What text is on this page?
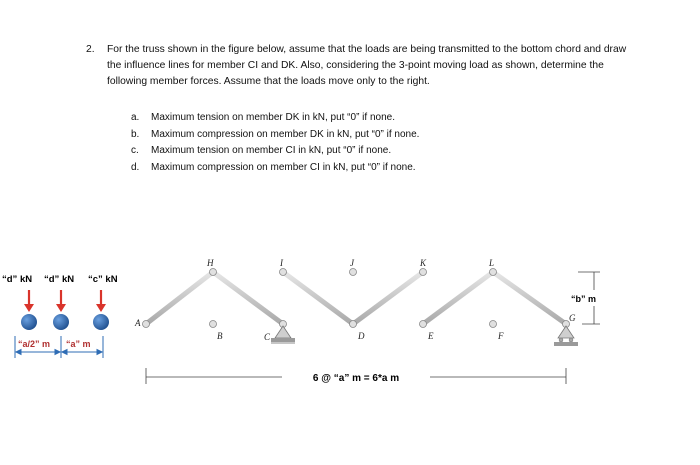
2. For the truss shown in the figure below, assume that the loads are being transmitted to the bottom chord and draw the influence lines for member CI and DK. Also, considering the 3-point moving load as shown, determine the following member forces. Assume that the loads move only to the right.
a.	Maximum tension on member DK in kN, put “0” if none.
b.	Maximum compression on member DK in kN, put “0” if none.
c.	Maximum tension on member CI in kN, put “0” if none.
d.	Maximum compression on member CI in kN, put “0” if none.
“d” kN “d” kN “c” kN
“a/2” m “a” m
H	I	J	K	L
A
B	C	D	E	F
G
“b” m
6 @ “a” m = 6*a m
